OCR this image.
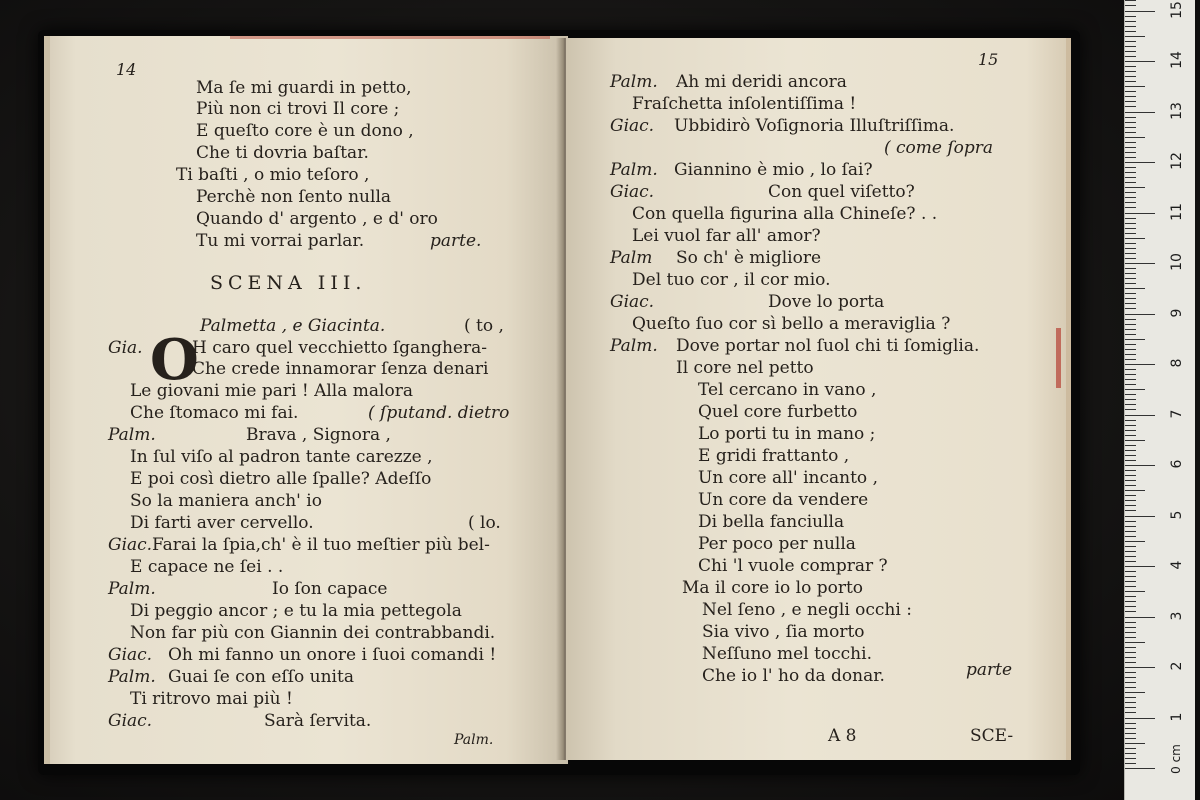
14
Ma ſe mi guardi in petto,
Più non ci trovi Il core ;
E queſto core è un dono ,
Che ti dovria baſtar.
Ti baſti , o mio teſoro ,
Perchè non ſento nulla
Quando d' argento , e d' oro
Tu mi vorrai parlar.	parte.
SCENA III.
Palmetta , e Giacinta.	( to ,
O
Gia.	H caro quel vecchietto ſganghera-
Che crede innamorar ſenza denari
Le giovani mie pari ! Alla malora
Che ſtomaco mi fai.	( ſputand. dietro
Palm.	Brava , Signora ,
In ſul viſo al padron tante carezze ,
E poi così dietro alle ſpalle? Adeſſo
So la maniera anch' io
Di farti aver cervello.	( lo.
Giac. Farai la ſpia,ch' è il tuo meſtier più bel-
E capace ne ſei . .
Palm.	Io ſon capace
Di peggio ancor ; e tu la mia pettegola
Non far più con Giannin dei contrabbandi.
Giac. Oh mi fanno un onore i ſuoi comandi !
Palm. Guai ſe con eſſo unita
Ti ritrovo mai più !
Giac.	Sarà ſervita.
Palm.
15
Palm. Ah mi deridi ancora
Fraſchetta inſolentiſſima !
Giac. Ubbidirò Voſignoria Illuſtriſſima.
( come ſopra
Palm. Giannino è mio , lo ſai?
Giac.	Con quel viſetto?
Con quella figurina alla Chineſe? . .
Lei vuol far all' amor?
Palm So ch' è migliore
Del tuo cor , il cor mio.
Giac.	Dove lo porta
Queſto ſuo cor sì bello a meraviglia ?
Palm. Dove portar nol ſuol chi ti ſomiglia.
Il core nel petto
Tel cercano in vano ,
Quel core furbetto
Lo porti tu in mano ;
E gridi frattanto ,
Un core all' incanto ,
Un core da vendere
Di bella fanciulla
Per poco per nulla
Chi 'l vuole comprar ?
Ma il core io lo porto
Nel ſeno , e negli occhi :
Sia vivo , ſia morto
Neſſuno mel tocchi.
Che io l' ho da donar.	parte
A 8	SCE-
1
2
3
4
5
6
7
8
9
10
11
12
13
14
15
0 cm
